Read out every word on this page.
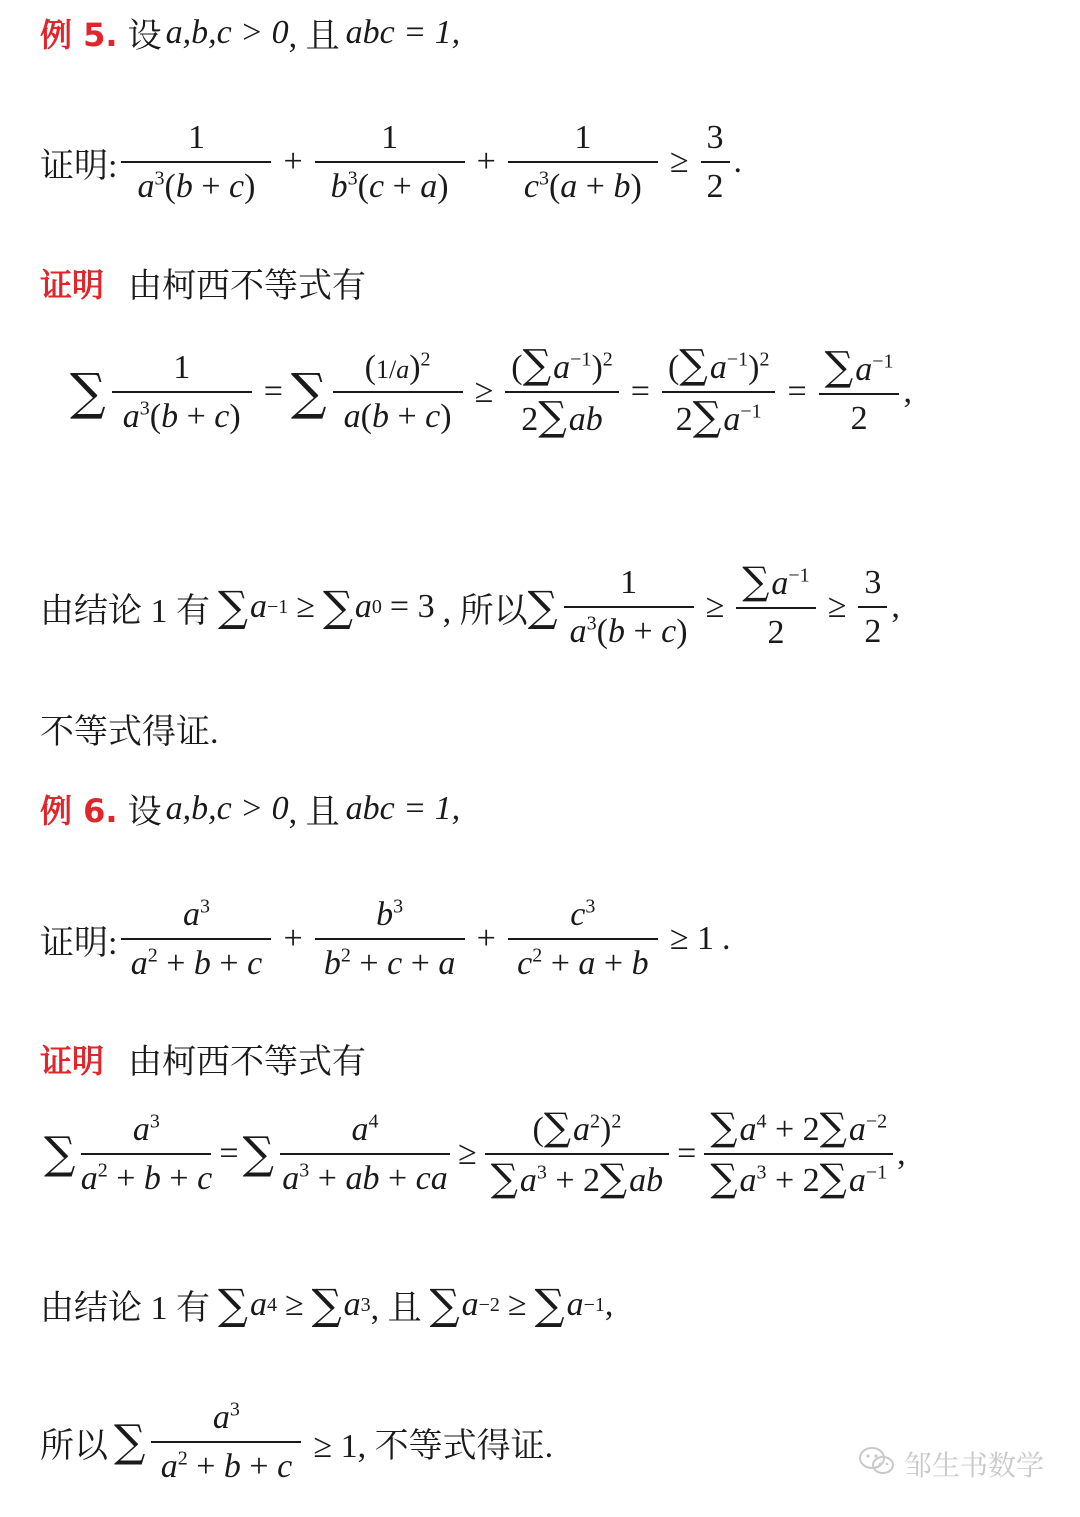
例 5. 设 a,b,c > 0 , 且 abc = 1,
证明: $\frac{1}{a^3(b + c)} + \frac{1}{b^3(c + a)} + \frac{1}{c^3(a + b)} \ge \frac{3}{2}$ .
证明 由柯西不等式有
∑ $\frac{1}{a^3(b + c)}$ = ∑ $\frac{(1/a)^2}{a(b + c)} \ge \frac{(\sum a^{-1})^2}{2\sum ab} = \frac{(\sum a^{-1})^2}{2\sum a^{-1}} = \frac{\sum a^{-1}}{2}$ ,
由结论 1 有 ∑ a −1 ≥ ∑ a 0 = 3 , 所以 ∑ $\frac{1}{a^3(b + c)} \ge \frac{\sum a^{-1}}{2} \ge \frac{3}{2}$ ,
不等式得证.
例 6. 设 a,b,c > 0 , 且 abc = 1,
证明: $\frac{a^3}{a^2 + b + c} + \frac{b^3}{b^2 + c + a} + \frac{c^3}{c^2 + a + b} \ge 1$ .
证明 由柯西不等式有
∑ $\frac{a^3}{a^2 + b + c}$ = ∑ $\frac{a^4}{a^3 + ab + ca} \ge \frac{(\sum a^2)^2}{\sum a^3 + 2\sum ab} = \frac{\sum a^4 + 2\sum a^{-2}}{\sum a^3 + 2\sum a^{-1}}$ ,
由结论 1 有 ∑ a 4 ≥ ∑ a 3 , 且 ∑ a −2 ≥ ∑ a −1 ,
所以 ∑ $\frac{a^3}{a^2 + b + c} \ge 1$, 不等式得证.
邹生书数学
